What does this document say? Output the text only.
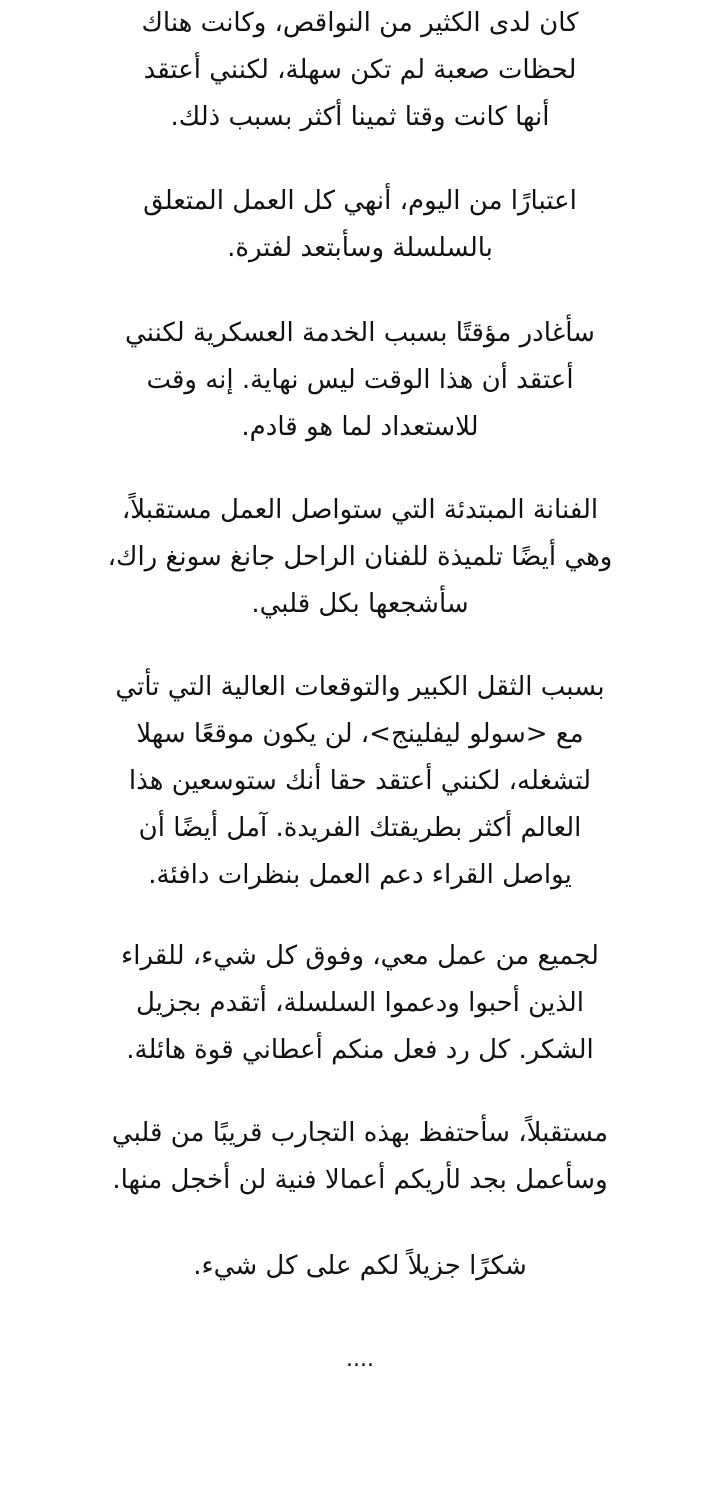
كان لدى الكثير من النواقص، وكانت هناك
لحظات صعبة لم تكن سهلة، لكنني أعتقد
أنها كانت وقتا ثمينا أكثر بسبب ذلك.
اعتبارًا من اليوم، أنهي كل العمل المتعلق
بالسلسلة وسأبتعد لفترة.
سأغادر مؤقتًا بسبب الخدمة العسكرية لكنني
أعتقد أن هذا الوقت ليس نهاية. إنه وقت
للاستعداد لما هو قادم.
الفنانة المبتدئة التي ستواصل العمل مستقبلاً،
وهي أيضًا تلميذة للفنان الراحل جانغ سونغ راك،
سأشجعها بكل قلبي.
بسبب الثقل الكبير والتوقعات العالية التي تأتي
مع <سولو ليفلينج>، لن يكون موقعًا سهلا
لتشغله، لكنني أعتقد حقا أنك ستوسعين هذا
العالم أكثر بطريقتك الفريدة. آمل أيضًا أن
يواصل القراء دعم العمل بنظرات دافئة.
لجميع من عمل معي، وفوق كل شيء، للقراء
الذين أحبوا ودعموا السلسلة، أتقدم بجزيل
الشكر. كل رد فعل منكم أعطاني قوة هائلة.
مستقبلاً، سأحتفظ بهذه التجارب قريبًا من قلبي
وسأعمل بجد لأريكم أعمالا فنية لن أخجل منها.
شكرًا جزيلاً لكم على كل شيء.
....
